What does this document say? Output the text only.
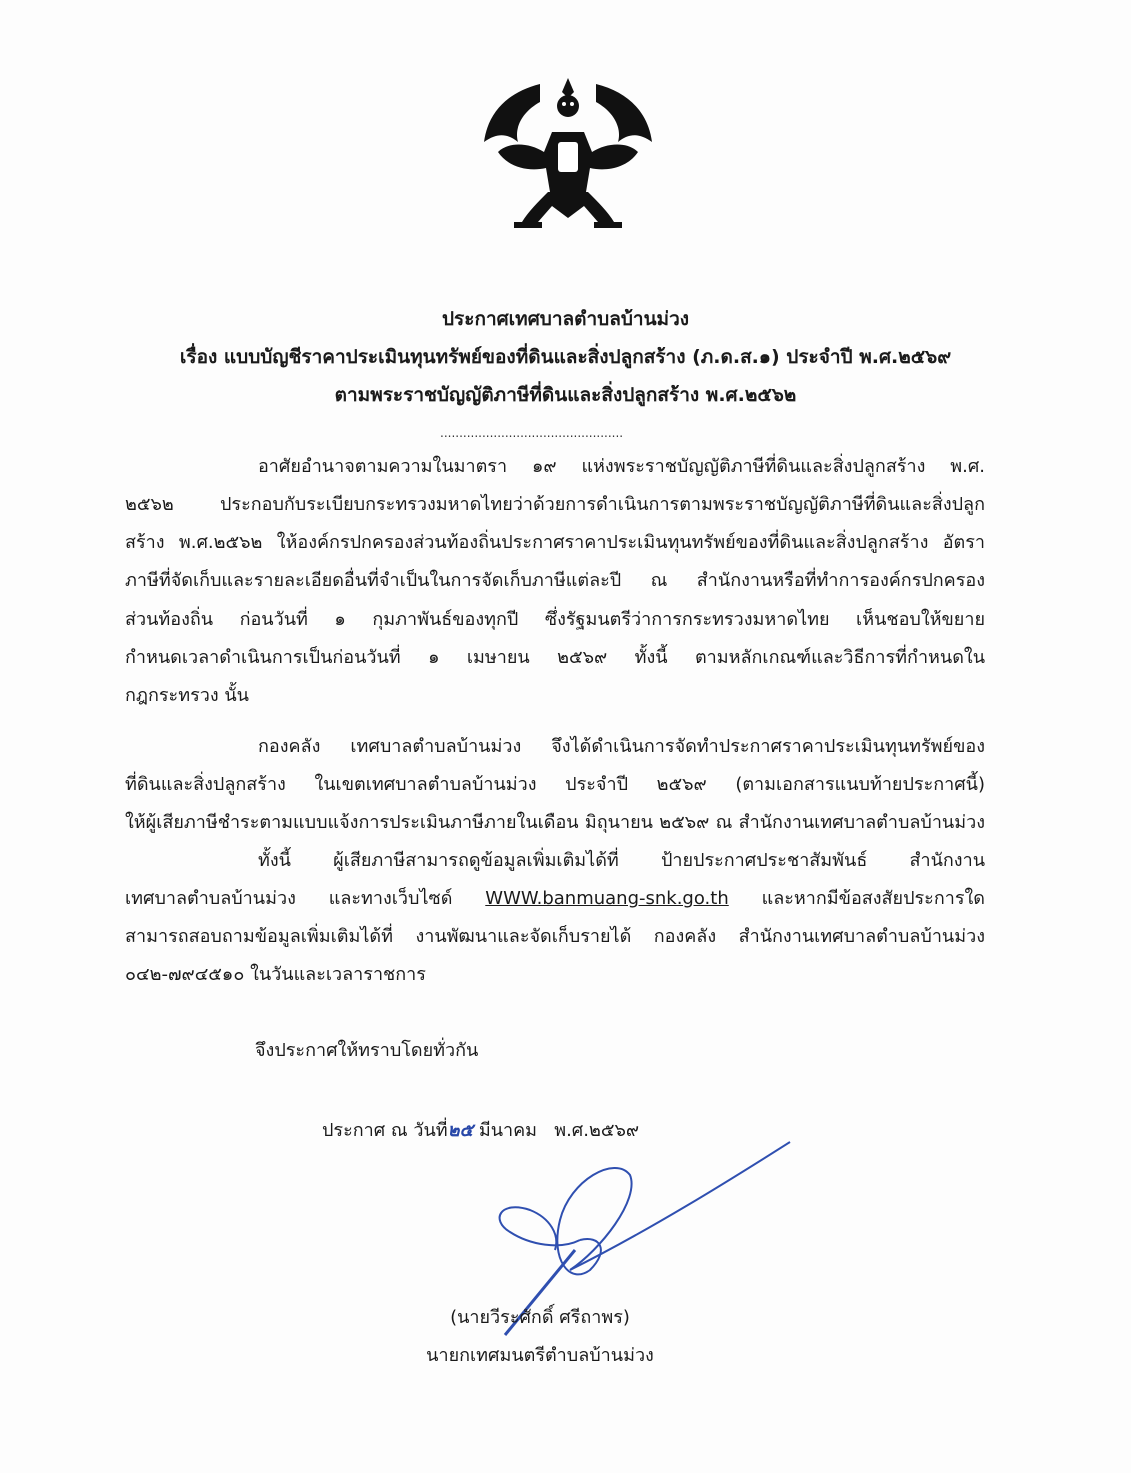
ประกาศเทศบาลตำบลบ้านม่วง
เรื่อง แบบบัญชีราคาประเมินทุนทรัพย์ของที่ดินและสิ่งปลูกสร้าง (ภ.ด.ส.๑) ประจำปี พ.ศ.๒๕๖๙
ตามพระราชบัญญัติภาษีที่ดินและสิ่งปลูกสร้าง พ.ศ.๒๕๖๒
................................................
อาศัยอำนาจตามความในมาตรา ๑๙ แห่งพระราชบัญญัติภาษีที่ดินและสิ่งปลูกสร้าง พ.ศ.
๒๕๖๒ ประกอบกับระเบียบกระทรวงมหาดไทยว่าด้วยการดำเนินการตามพระราชบัญญัติภาษีที่ดินและสิ่งปลูก
สร้าง พ.ศ.๒๕๖๒ ให้องค์กรปกครองส่วนท้องถิ่นประกาศราคาประเมินทุนทรัพย์ของที่ดินและสิ่งปลูกสร้าง อัตรา
ภาษีที่จัดเก็บและรายละเอียดอื่นที่จำเป็นในการจัดเก็บภาษีแต่ละปี ณ สำนักงานหรือที่ทำการองค์กรปกครอง
ส่วนท้องถิ่น ก่อนวันที่ ๑ กุมภาพันธ์ของทุกปี ซึ่งรัฐมนตรีว่าการกระทรวงมหาดไทย เห็นชอบให้ขยาย
กำหนดเวลาดำเนินการเป็นก่อนวันที่ ๑ เมษายน ๒๕๖๙ ทั้งนี้ ตามหลักเกณฑ์และวิธีการที่กำหนดใน
กฎกระทรวง นั้น
กองคลัง เทศบาลตำบลบ้านม่วง จึงได้ดำเนินการจัดทำประกาศราคาประเมินทุนทรัพย์ของ
ที่ดินและสิ่งปลูกสร้าง ในเขตเทศบาลตำบลบ้านม่วง ประจำปี ๒๕๖๙ (ตามเอกสารแนบท้ายประกาศนี้)
ให้ผู้เสียภาษีชำระตามแบบแจ้งการประเมินภาษีภายในเดือน มิถุนายน ๒๕๖๙ ณ สำนักงานเทศบาลตำบลบ้านม่วง
ทั้งนี้ ผู้เสียภาษีสามารถดูข้อมูลเพิ่มเติมได้ที่ ป้ายประกาศประชาสัมพันธ์ สำนักงาน
เทศบาลตำบลบ้านม่วง และทางเว็บไซด์ WWW.banmuang-snk.go.th และหากมีข้อสงสัยประการใด
สามารถสอบถามข้อมูลเพิ่มเติมได้ที่ งานพัฒนาและจัดเก็บรายได้ กองคลัง สำนักงานเทศบาลตำบลบ้านม่วง
๐๔๒-๗๙๔๕๑๐ ในวันและเวลาราชการ
จึงประกาศให้ทราบโดยทั่วกัน
ประกาศ ณ วันที่๒๕ มีนาคม พ.ศ.๒๕๖๙
(นายวีระศักดิ์ ศรีถาพร)
นายกเทศมนตรีตำบลบ้านม่วง
